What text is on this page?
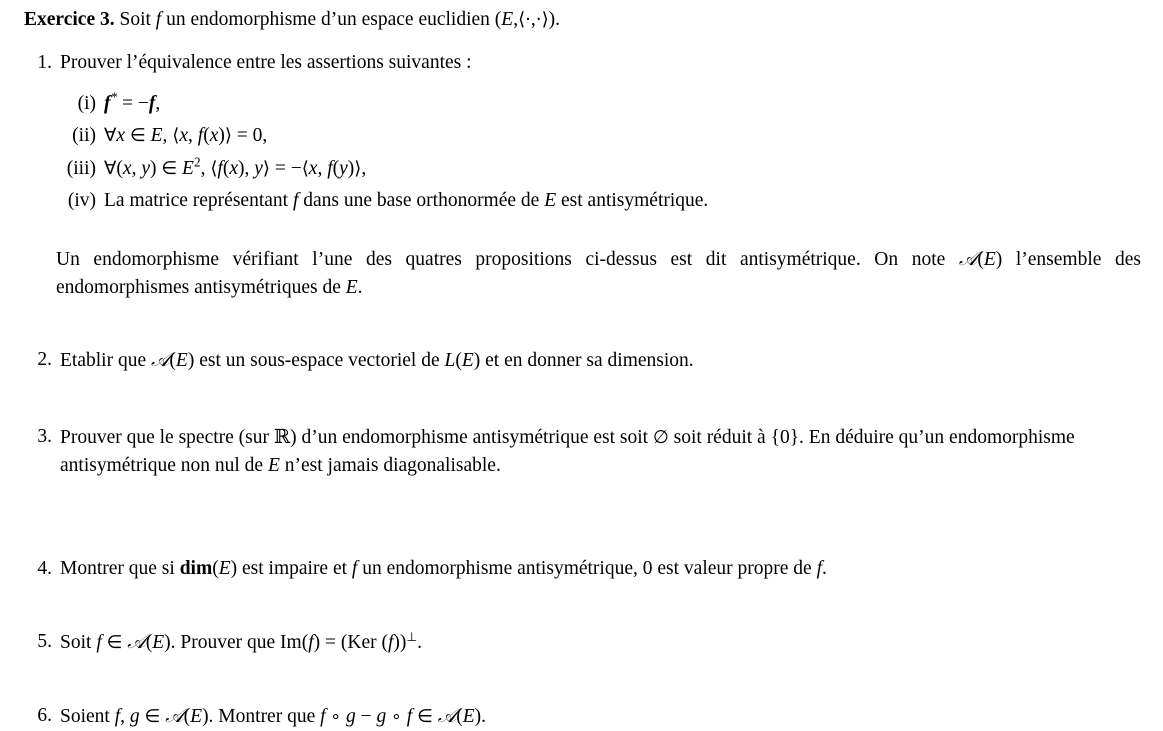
Exercice 3. Soit f un endomorphisme d’un espace euclidien (E,⟨·,·⟩).
1. Prouver l’équivalence entre les assertions suivantes :
(i) f* = −f,
(ii) ∀x ∈ E, ⟨x, f(x)⟩ = 0,
(iii) ∀(x, y) ∈ $E^2$, ⟨f(x), y⟩ = −⟨x, f(y)⟩,
(iv) La matrice représentant f dans une base orthonormée de E est antisymétrique.
Un endomorphisme vérifiant l’une des quatres propositions ci-dessus est dit antisymétrique. On note 𝒜(E) l’ensemble des endomorphismes antisymétriques de E.
2. Etablir que 𝒜(E) est un sous-espace vectoriel de L(E) et en donner sa dimension.
3. Prouver que le spectre (sur ℝ) d’un endomorphisme antisymétrique est soit ∅ soit réduit à {0}. En déduire qu’un endomorphisme antisymétrique non nul de E n’est jamais diagonalisable.
4. Montrer que si dim(E) est impaire et f un endomorphisme antisymétrique, 0 est valeur propre de f.
5. Soit f ∈ 𝒜(E). Prouver que Im(f) = (Ker (f))⊥.
6. Soient f, g ∈ 𝒜(E). Montrer que f ∘ g − g ∘ f ∈ 𝒜(E).
